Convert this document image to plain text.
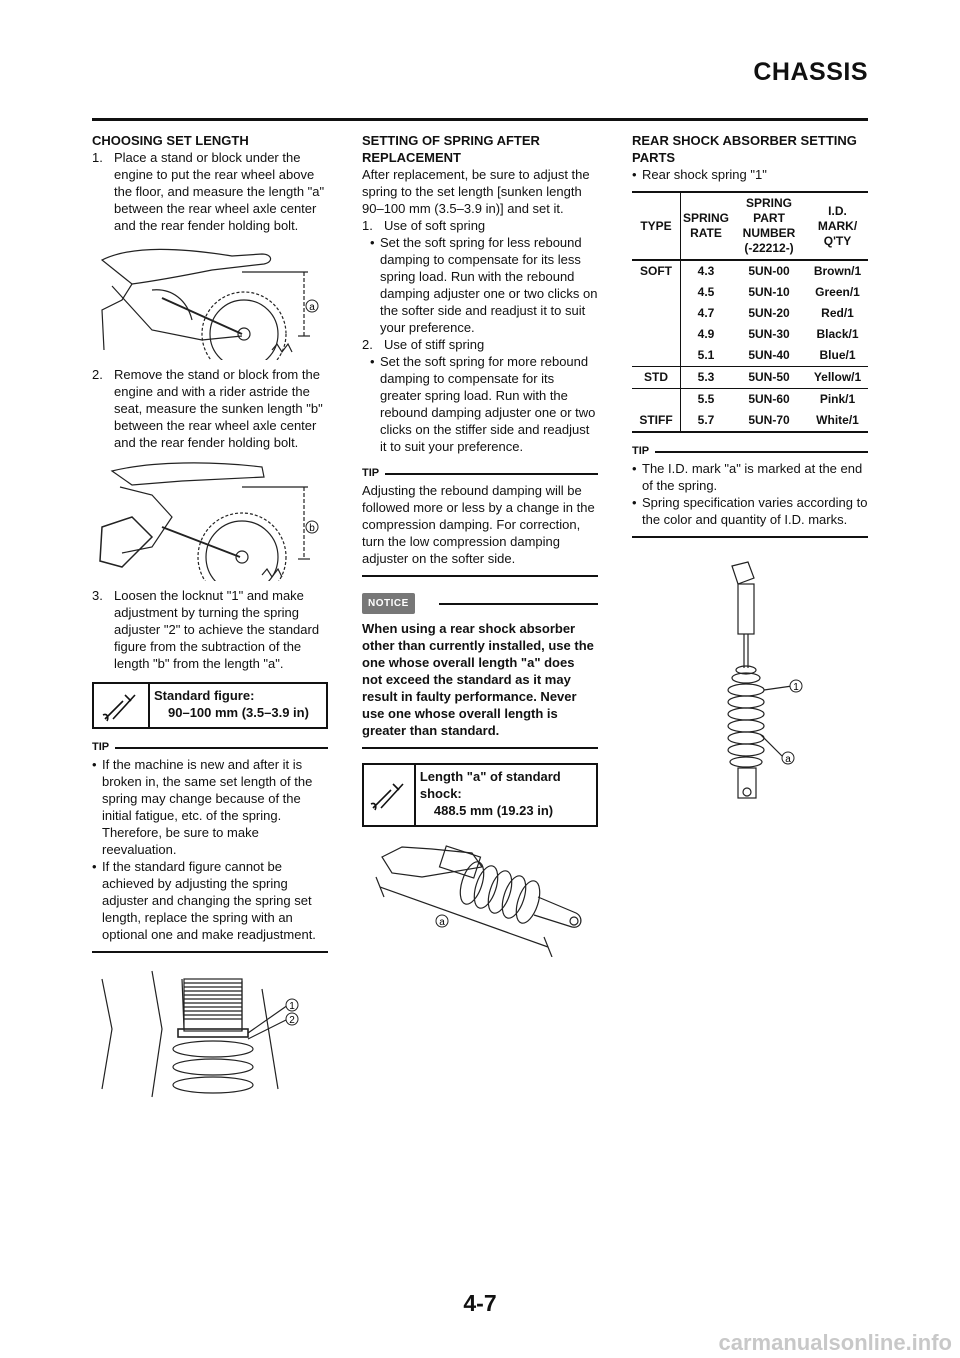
CHASSIS

CHOOSING SET LENGTH

1. Place a stand or block under the engine to put the rear wheel above the floor, and measure the length "a" between the rear wheel axle center and the rear fender holding bolt.

a
2. Remove the stand or block from the engine and with a rider astride the seat, measure the sunken length "b" between the rear wheel axle center and the rear fender holding bolt.

b
3. Loosen the locknut "1" and make adjustment by turning the spring adjuster "2" to achieve the standard figure from the subtraction of the length "b" from the length "a".

Standard figure:
90–100 mm (3.5–3.9 in)
TIP
• If the machine is new and after it is broken in, the same set length of the spring may change because of the initial fatigue, etc. of the spring. Therefore, be sure to make reevaluation.

• If the standard figure cannot be achieved by adjusting the spring adjuster and changing the spring set length, replace the spring with an optional one and make readjustment.

1
2

SETTING OF SPRING AFTER REPLACEMENT

After replacement, be sure to adjust the spring to the set length [sunken length 90–100 mm (3.5–3.9 in)] and set it.

1. Use of soft spring

• Set the soft spring for less rebound damping to compensate for its less spring load. Run with the rebound damping adjuster one or two clicks on the softer side and readjust it to suit your preference.

2. Use of stiff spring

• Set the soft spring for more rebound damping to compensate for its greater spring load. Run with the rebound damping adjuster one or two clicks on the stiffer side and readjust it to suit your preference.

TIP

Adjusting the rebound damping will be followed more or less by a change in the compression damping. For correction, turn the low compression damping adjuster on the softer side.

NOTICE

When using a rear shock absorber other than currently installed, use the one whose overall length "a" does not exceed the standard as it may result in faulty performance. Never use one whose overall length is greater than standard.

Length "a" of standard shock:
488.5 mm (19.23 in)
a

REAR SHOCK ABSORBER SETTING PARTS

• Rear shock spring "1"

TYPE	SPRING RATE	SPRING PART NUMBER (-22212-)	I.D. MARK/ Q'TY
SOFT	4.3	5UN-00	Brown/1
	4.5	5UN-10	Green/1
	4.7	5UN-20	Red/1
	4.9	5UN-30	Black/1
	5.1	5UN-40	Blue/1
STD	5.3	5UN-50	Yellow/1
	5.5	5UN-60	Pink/1
STIFF	5.7	5UN-70	White/1
TIP
• The I.D. mark "a" is marked at the end of the spring.

• Spring specification varies according to the color and quantity of I.D. marks.

1
a
4-7
carmanualsonline.info
